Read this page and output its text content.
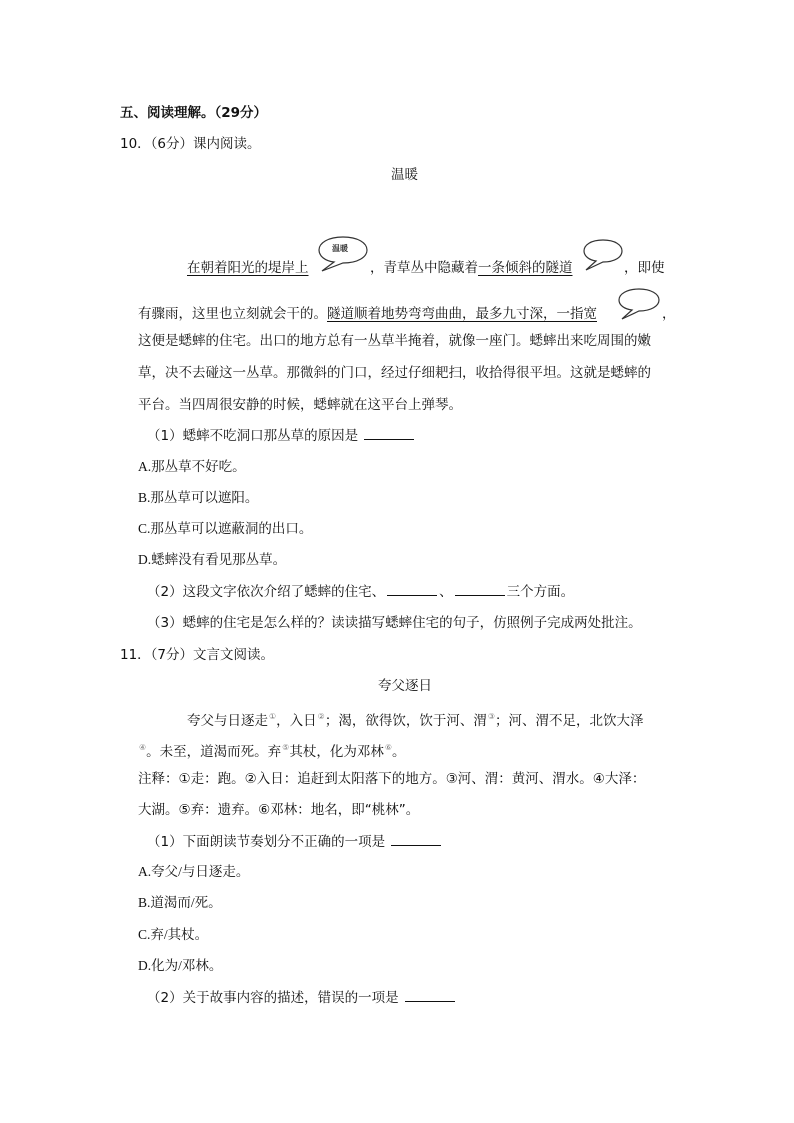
五、阅读理解。（29分）
10．（6分）课内阅读。
温暖
温暖
在朝着阳光的堤岸上	，青草丛中隐藏着一条倾斜的隧道	，即使
有骤雨，这里也立刻就会干的。隧道顺着地势弯弯曲曲，最多九寸深，一指宽	，
这便是蟋蟀的住宅。出口的地方总有一丛草半掩着，就像一座门。蟋蟀出来吃周围的嫩
草，决不去碰这一丛草。那微斜的门口，经过仔细耙扫，收拾得很平坦。这就是蟋蟀的
平台。当四周很安静的时候，蟋蟀就在这平台上弹琴。
（1）蟋蟀不吃洞口那丛草的原因是
A.那丛草不好吃。
B.那丛草可以遮阳。
C.那丛草可以遮蔽洞的出口。
D.蟋蟀没有看见那丛草。
（2）这段文字依次介绍了蟋蟀的住宅、	、	三个方面。
（3）蟋蟀的住宅是怎么样的？读读描写蟋蟀住宅的句子，仿照例子完成两处批注。
11．（7分）文言文阅读。
夸父逐日
夸父与日逐走①，入日②；渴，欲得饮，饮于河、渭③；河、渭不足，北饮大泽
④。未至，道渴而死。弃⑤其杖，化为邓林⑥。
注释：①走：跑。②入日：追赶到太阳落下的地方。③河、渭：黄河、渭水。④大泽：
大湖。⑤弃：遗弃。⑥邓林：地名，即“桃林”。
（1）下面朗读节奏划分不正确的一项是
A.夸父/与日逐走。
B.道渴而/死。
C.弃/其杖。
D.化为/邓林。
（2）关于故事内容的描述，错误的一项是
